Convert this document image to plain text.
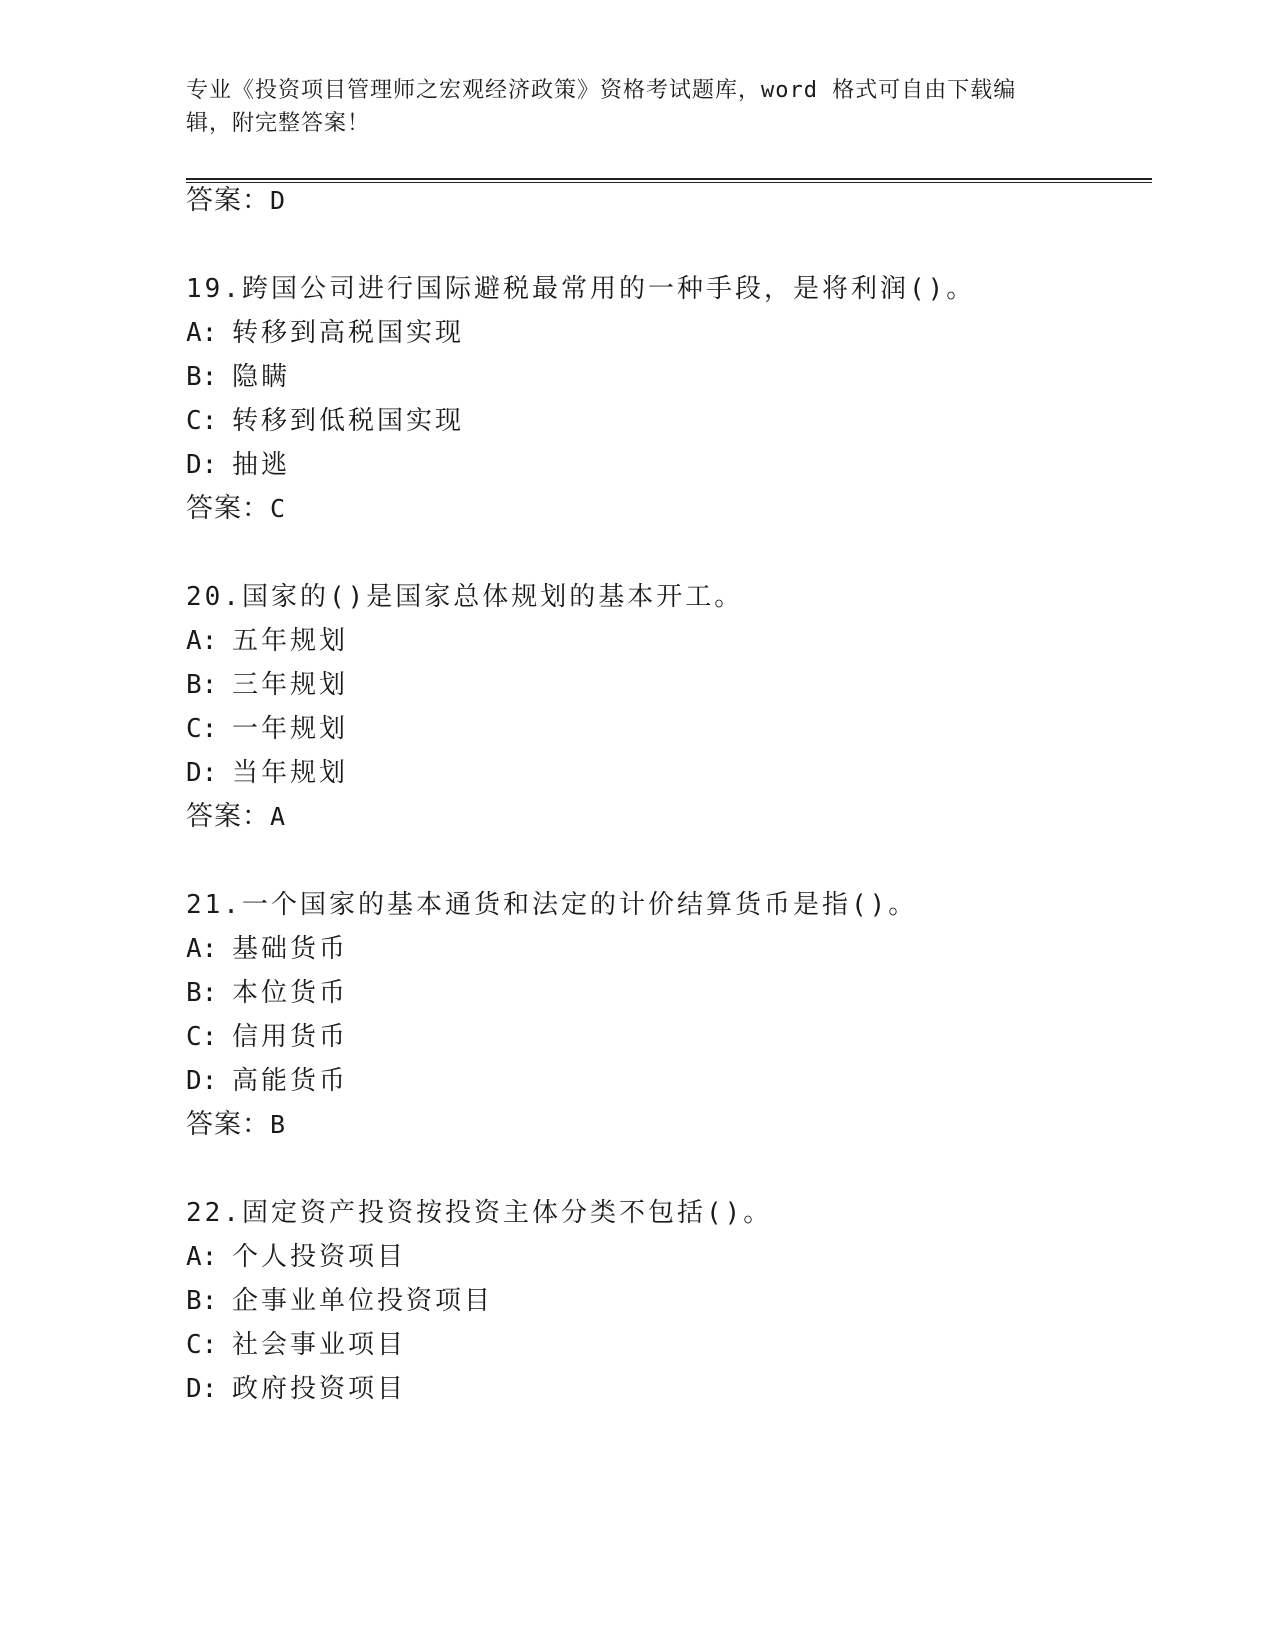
专业《投资项目管理师之宏观经济政策》资格考试题库，word 格式可自由下载编
辑，附完整答案！
答案：D
19.跨国公司进行国际避税最常用的一种手段，是将利润()。
A: 转移到高税国实现
B: 隐瞒
C: 转移到低税国实现
D: 抽逃
答案：C
20.国家的()是国家总体规划的基本开工。
A: 五年规划
B: 三年规划
C: 一年规划
D: 当年规划
答案：A
21.一个国家的基本通货和法定的计价结算货币是指()。
A: 基础货币
B: 本位货币
C: 信用货币
D: 高能货币
答案：B
22.固定资产投资按投资主体分类不包括()。
A: 个人投资项目
B: 企事业单位投资项目
C: 社会事业项目
D: 政府投资项目
